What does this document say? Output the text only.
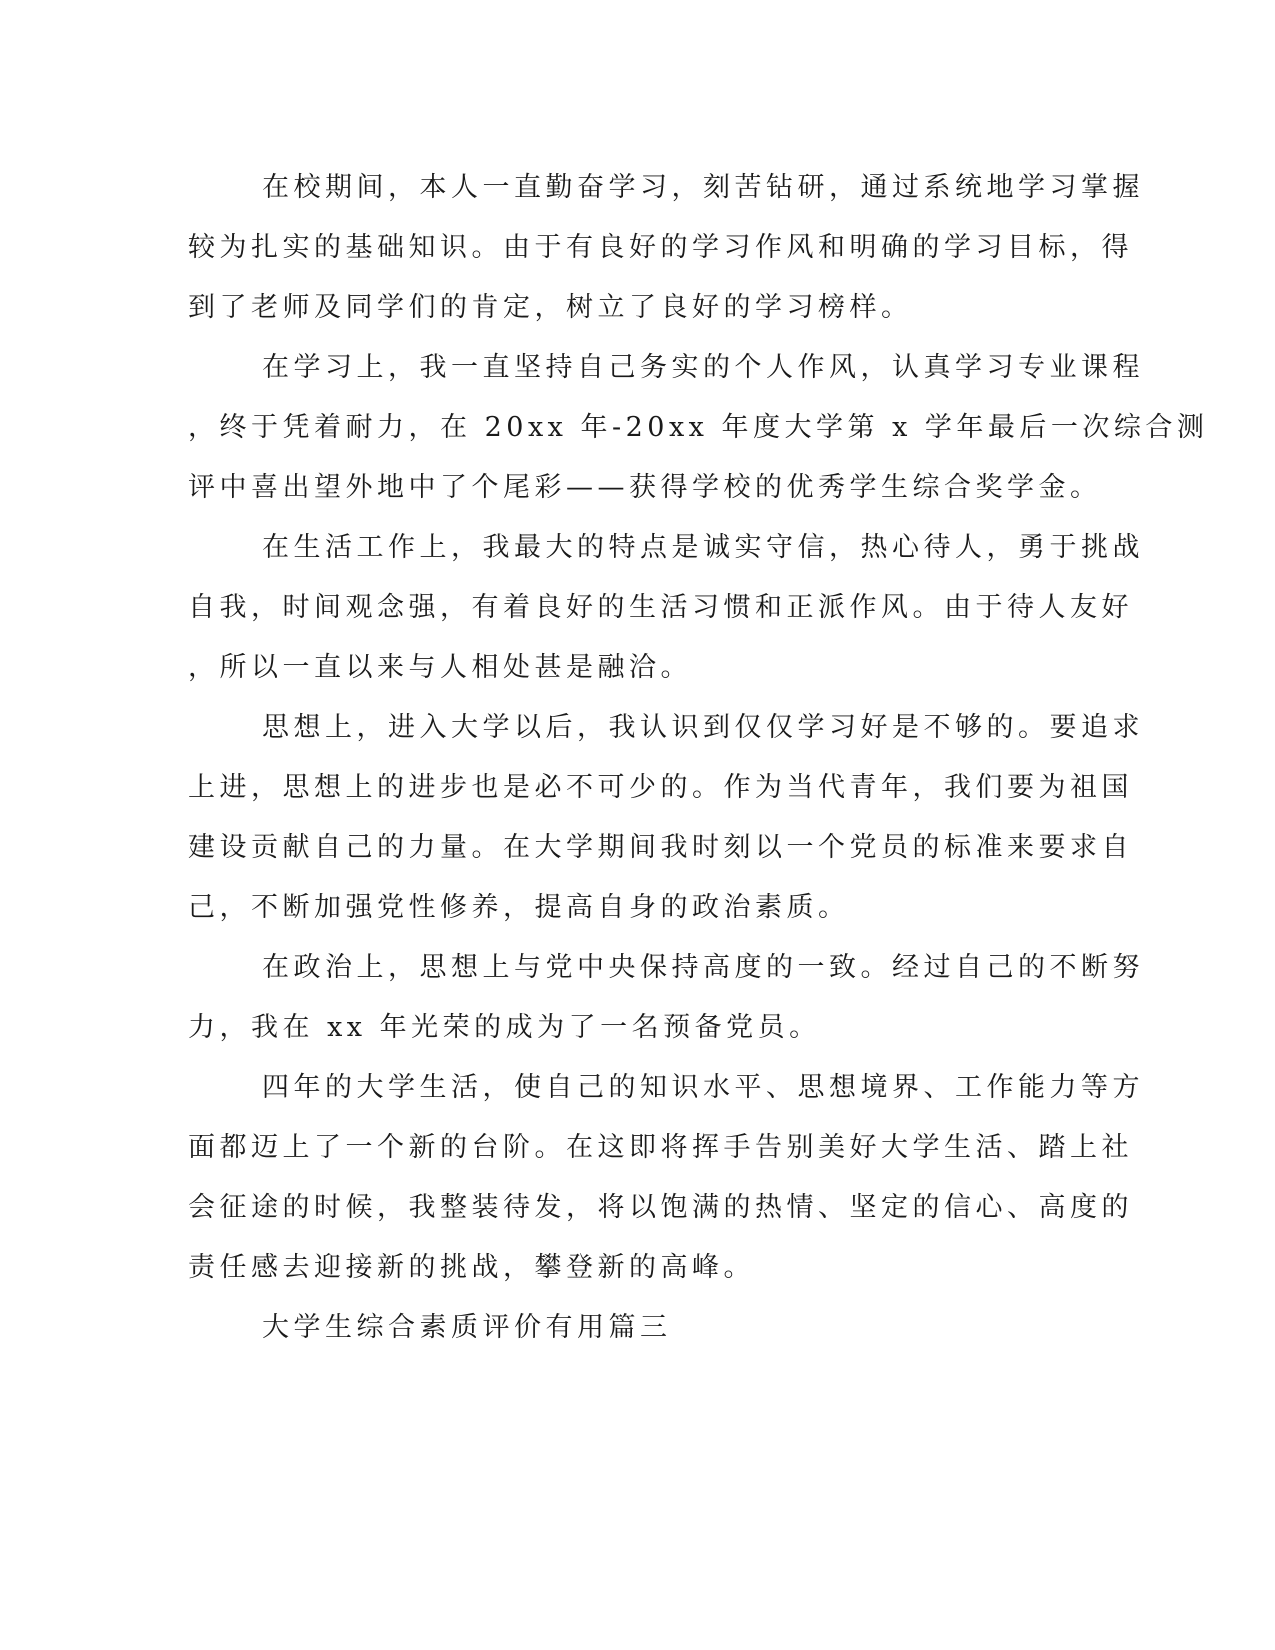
在校期间，本人一直勤奋学习，刻苦钻研，通过系统地学习掌握
较为扎实的基础知识。由于有良好的学习作风和明确的学习目标，得
到了老师及同学们的肯定，树立了良好的学习榜样。
在学习上，我一直坚持自己务实的个人作风，认真学习专业课程
，终于凭着耐力，在 20xx 年-20xx 年度大学第 x 学年最后一次综合测
评中喜出望外地中了个尾彩——获得学校的优秀学生综合奖学金。
在生活工作上，我最大的特点是诚实守信，热心待人，勇于挑战
自我，时间观念强，有着良好的生活习惯和正派作风。由于待人友好
，所以一直以来与人相处甚是融洽。
思想上，进入大学以后，我认识到仅仅学习好是不够的。要追求
上进，思想上的进步也是必不可少的。作为当代青年，我们要为祖国
建设贡献自己的力量。在大学期间我时刻以一个党员的标准来要求自
己，不断加强党性修养，提高自身的政治素质。
在政治上，思想上与党中央保持高度的一致。经过自己的不断努
力，我在 xx 年光荣的成为了一名预备党员。
四年的大学生活，使自己的知识水平、思想境界、工作能力等方
面都迈上了一个新的台阶。在这即将挥手告别美好大学生活、踏上社
会征途的时候，我整装待发，将以饱满的热情、坚定的信心、高度的
责任感去迎接新的挑战，攀登新的高峰。
大学生综合素质评价有用篇三
